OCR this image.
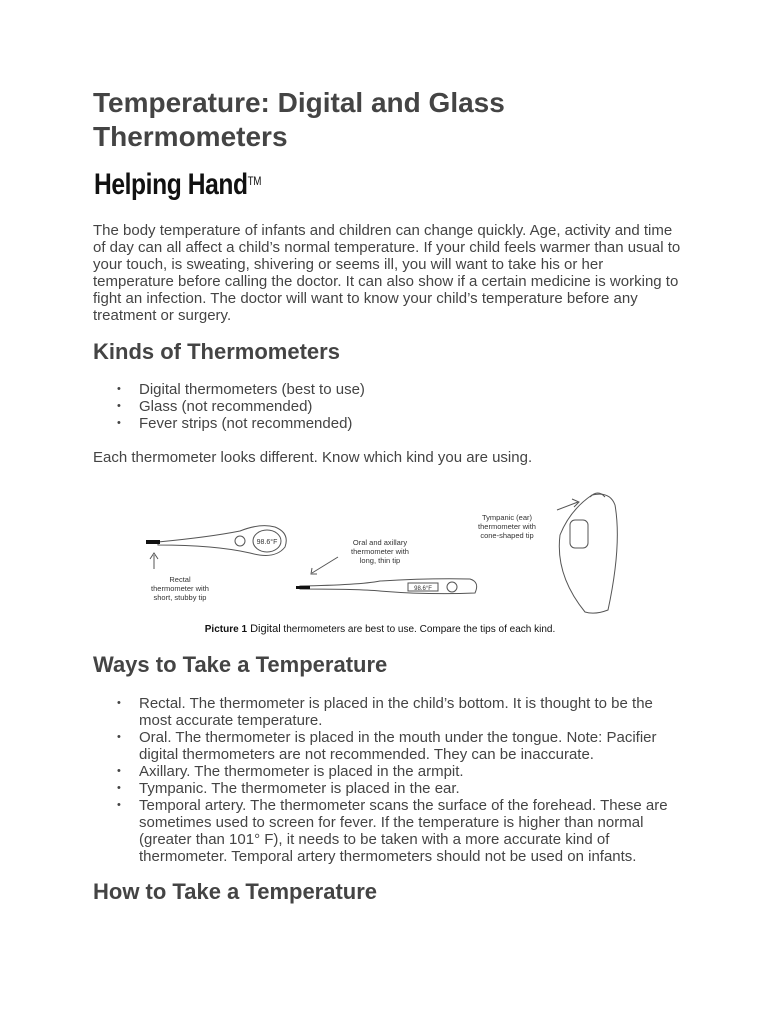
Temperature: Digital and Glass Thermometers
Helping Hand™

The body temperature of infants and children can change quickly. Age, activity and time of day can all affect a child’s normal temperature. If your child feels warmer than usual to your touch, is sweating, shivering or seems ill, you will want to take his or her temperature before calling the doctor. It can also show if a certain medicine is working to fight an infection. The doctor will want to know your child’s temperature before any treatment or surgery.

Kinds of Thermometers
• Digital thermometers (best to use)
• Glass (not recommended)
• Fever strips (not recommended)

Each thermometer looks different. Know which kind you are using.

98.6°F
Rectal thermometer with short, stubby tip
98.6°F
Oral and axillary thermometer with long, thin tip
Tympanic (ear) thermometer with cone-shaped tip
Picture 1 Digital thermometers are best to use. Compare the tips of each kind.
Ways to Take a Temperature
• Rectal. The thermometer is placed in the child’s bottom. It is thought to be the most accurate temperature.
• Oral. The thermometer is placed in the mouth under the tongue. Note: Pacifier digital thermometers are not recommended. They can be inaccurate.
• Axillary. The thermometer is placed in the armpit.
• Tympanic. The thermometer is placed in the ear.
• Temporal artery. The thermometer scans the surface of the forehead. These are sometimes used to screen for fever. If the temperature is higher than normal (greater than 101° F), it needs to be taken with a more accurate kind of thermometer. Temporal artery thermometers should not be used on infants.
How to Take a Temperature
